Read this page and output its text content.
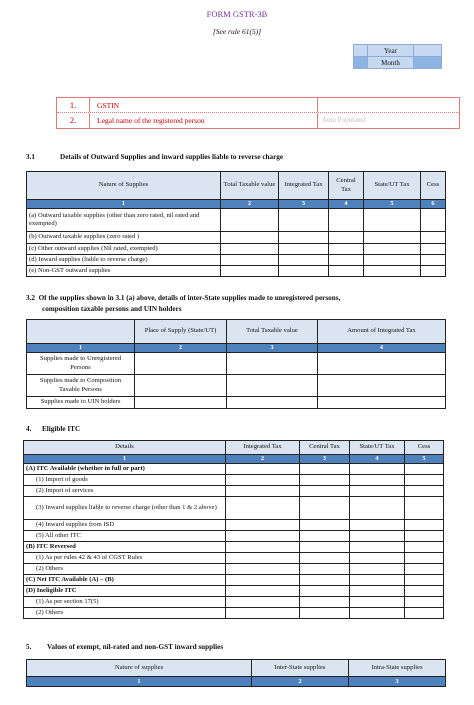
FORM GSTR-3B
[See rule 61(5)]
	Year	
	Month	
1.	GSTIN
2.	Legal name of the registered person	Auto Populated
3.1	Details of Outward Supplies and inward supplies liable to reverse charge
Nature of Supplies	Total Taxable value	Integrated Tax	Central Tax	State/UT Tax	Cess
1	2	3	4	5	6
(a) Outward taxable supplies (other than zero rated, nil rated and exempted)					
(b) Outward taxable supplies (zero rated )					
(c) Other outward supplies (Nil rated, exempted)					
(d) Inward supplies (liable to reverse charge)					
(e) Non-GST outward supplies					
3.2 Of the supplies shown in 3.1 (a) above, details of inter-State supplies made to unregistered persons,
composition taxable persons and UIN holders
	Place of Supply (State/UT)	Total Taxable value	Amount of Integrated Tax
1	2	3	4
Supplies made to Unregistered Persons			
Supplies made to Composition Taxable Persons			
Supplies made to UIN holders			
4. Eligible ITC
Details	Integrated Tax	Central Tax	State/UT Tax	Cess
1	2	3	4	5
(A) ITC Available (whether in full or part)				
(1) Import of goods				
(2) Import of services				
(3) Inward supplies liable to reverse charge (other than 1 & 2 above)				
(4) Inward supplies from ISD				
(5) All other ITC				
(B) ITC Reversed				
(1) As per rules 42 & 43 of CGST Rules				
(2) Others				
(C) Net ITC Available (A) – (B)				
(D) Ineligible ITC				
(1) As per section 17(5)				
(2) Others				
5. Values of exempt, nil-rated and non-GST inward supplies
Nature of supplies	Inter-State supplies	Intra-State supplies
1	2	3
